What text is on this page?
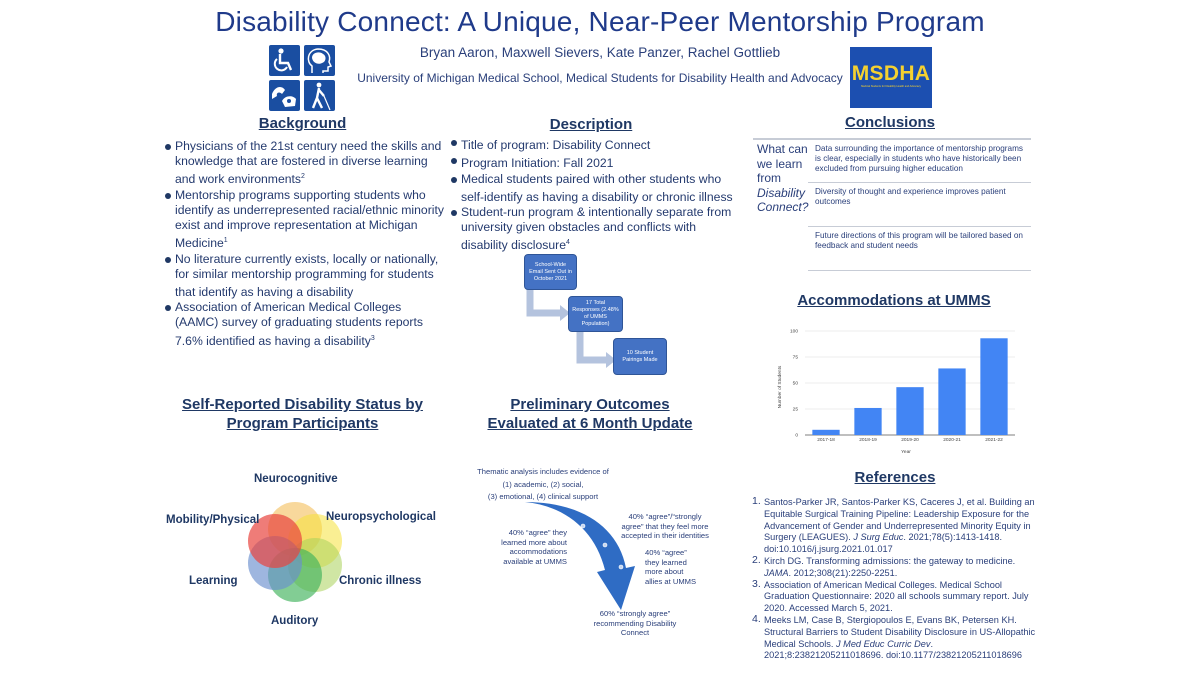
Disability Connect: A Unique, Near-Peer Mentorship Program
Bryan Aaron, Maxwell Sievers, Kate Panzer, Rachel Gottlieb
University of Michigan Medical School, Medical Students for Disability Health and Advocacy MSDHA
Medical Students for Disability Health and Advocacy
Background
Physicians of the 21st century need the skills and knowledge that are fostered in diverse learning and work environments$^2$
Mentorship programs supporting students who identify as underrepresented racial/ethnic minority exist and improve representation at Michigan Medicine$^1$
No literature currently exists, locally or nationally, for similar mentorship programming for students that identify as having a disability
Association of American Medical Colleges (AAMC) survey of graduating students reports 7.6% identified as having a disability$^3$
Description
Title of program: Disability Connect
Program Initiation: Fall 2021
Medical students paired with other students who self-identify as having a disability or chronic illness
Student-run program & intentionally separate from university given obstacles and conflicts with disability disclosure$^4$
School-Wide Email Sent Out in October 2021
17 Total Responses (2.48% of UMMS Population)
10 Student Pairings Made
Conclusions
What can we learn from Disability Connect?
Data surrounding the importance of mentorship programs is clear, especially in students who have historically been excluded from pursuing higher education
Diversity of thought and experience improves patient outcomes
Future directions of this program will be tailored based on feedback and student needs
Accommodations at UMMS
0
25
50
75
100
2017-18	2018-19	2019-20	2020-21	2021-22
Number of Students
Year
Self-Reported Disability Status by
Program Participants
Neurocognitive
Neuropsychological
Chronic illness
Auditory
Learning
Mobility/Physical
Preliminary Outcomes
Evaluated at 6 Month Update
Thematic analysis includes evidence of
(1) academic, (2) social,
(3) emotional, (4) clinical support
40% “agree” they learned more about accommodations available at UMMS
40% “agree”/“strongly agree” that they feel more accepted in their identities
40% “agree” they learned more about allies at UMMS
60% “strongly agree” recommending Disability Connect
References
1. Santos-Parker JR, Santos-Parker KS, Caceres J, et al. Building an Equitable Surgical Training Pipeline: Leadership Exposure for the Advancement of Gender and Underrepresented Minority Equity in Surgery (LEAGUES). J Surg Educ. 2021;78(5):1413-1418. doi:10.1016/j.jsurg.2021.01.017
2. Kirch DG. Transforming admissions: the gateway to medicine. JAMA. 2012;308(21):2250-2251.
3. Association of American Medical Colleges. Medical School Graduation Questionnaire: 2020 all schools summary report. July 2020. Accessed March 5, 2021.
4. Meeks LM, Case B, Stergiopoulos E, Evans BK, Petersen KH. Structural Barriers to Student Disability Disclosure in US-Allopathic Medical Schools. J Med Educ Curric Dev. 2021;8:23821205211018696. doi:10.1177/23821205211018696
